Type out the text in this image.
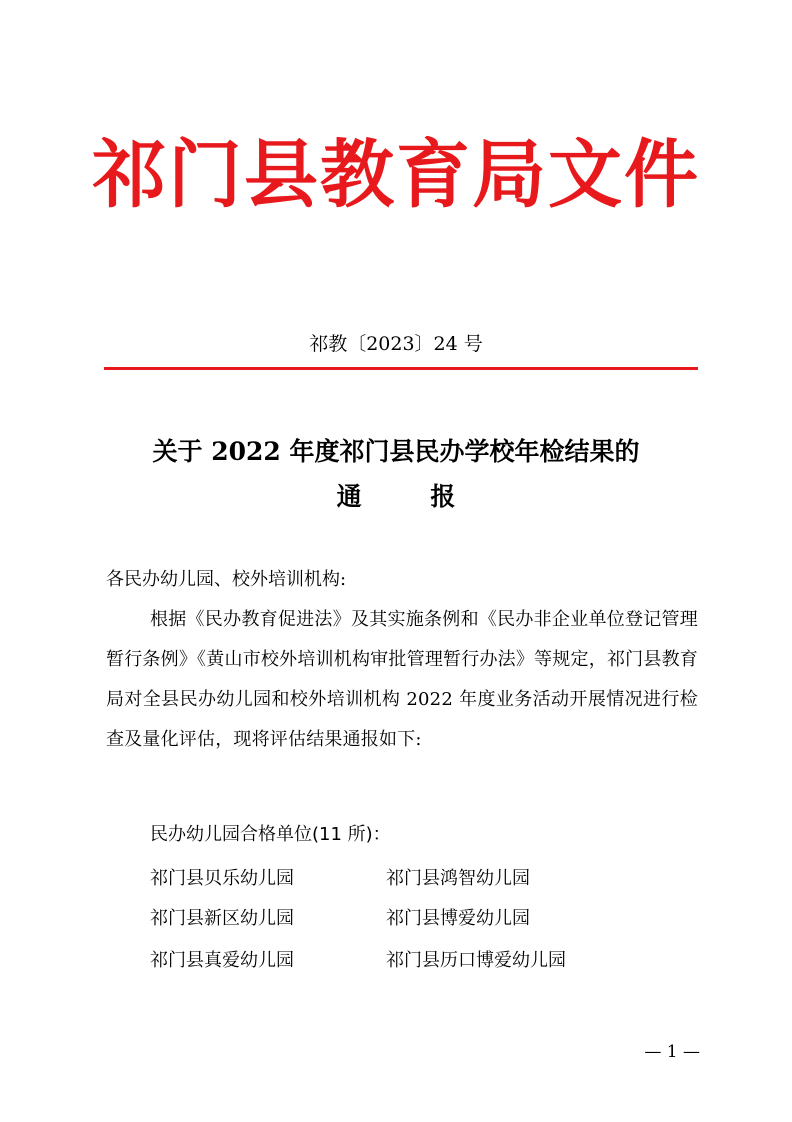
祁门县教育局文件
祁教〔2023〕24 号
关于 2022 年度祁门县民办学校年检结果的
通 报
各民办幼儿园、校外培训机构:
根据《民办教育促进法》及其实施条例和《民办非企业单位登记管理暂行条例》《黄山市校外培训机构审批管理暂行办法》等规定，祁门县教育局对全县民办幼儿园和校外培训机构 2022 年度业务活动开展情况进行检查及量化评估，现将评估结果通报如下:
民办幼儿园合格单位(11 所)：
祁门县贝乐幼儿园	祁门县鸿智幼儿园
祁门县新区幼儿园	祁门县博爱幼儿园
祁门县真爱幼儿园	祁门县历口博爱幼儿园
— 1 —
